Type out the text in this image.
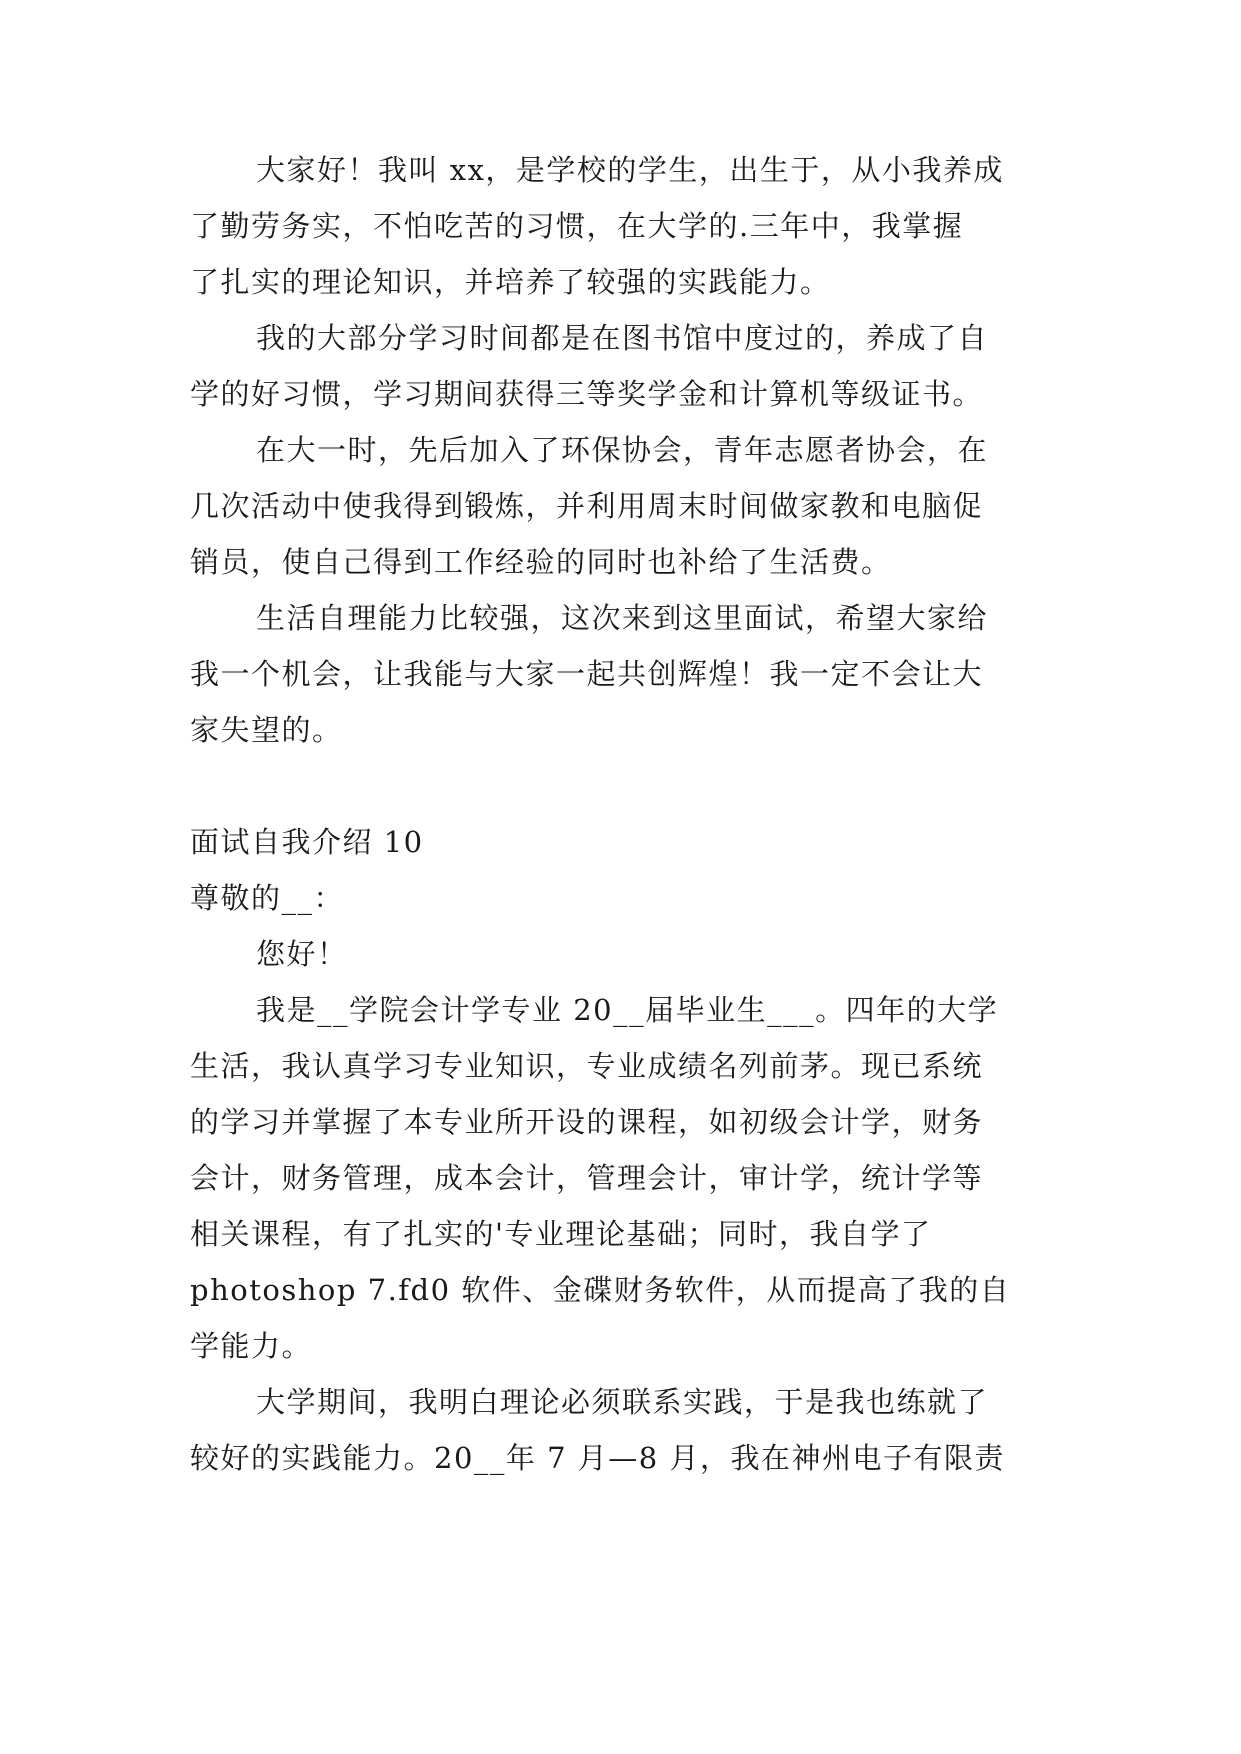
大家好！我叫 xx，是学校的学生，出生于，从小我养成
了勤劳务实，不怕吃苦的习惯，在大学的.三年中，我掌握
了扎实的理论知识，并培养了较强的实践能力。
我的大部分学习时间都是在图书馆中度过的，养成了自
学的好习惯，学习期间获得三等奖学金和计算机等级证书。
在大一时，先后加入了环保协会，青年志愿者协会，在
几次活动中使我得到锻炼，并利用周末时间做家教和电脑促
销员，使自己得到工作经验的同时也补给了生活费。
生活自理能力比较强，这次来到这里面试，希望大家给
我一个机会，让我能与大家一起共创辉煌！我一定不会让大
家失望的。
面试自我介绍 10
尊敬的__：
您好！
我是__学院会计学专业 20__届毕业生___。四年的大学
生活，我认真学习专业知识，专业成绩名列前茅。现已系统
的学习并掌握了本专业所开设的课程，如初级会计学，财务
会计，财务管理，成本会计，管理会计，审计学，统计学等
相关课程，有了扎实的'专业理论基础；同时，我自学了
photoshop 7.fd0 软件、金碟财务软件，从而提高了我的自
学能力。
大学期间，我明白理论必须联系实践，于是我也练就了
较好的实践能力。20__年 7 月—8 月，我在神州电子有限责
